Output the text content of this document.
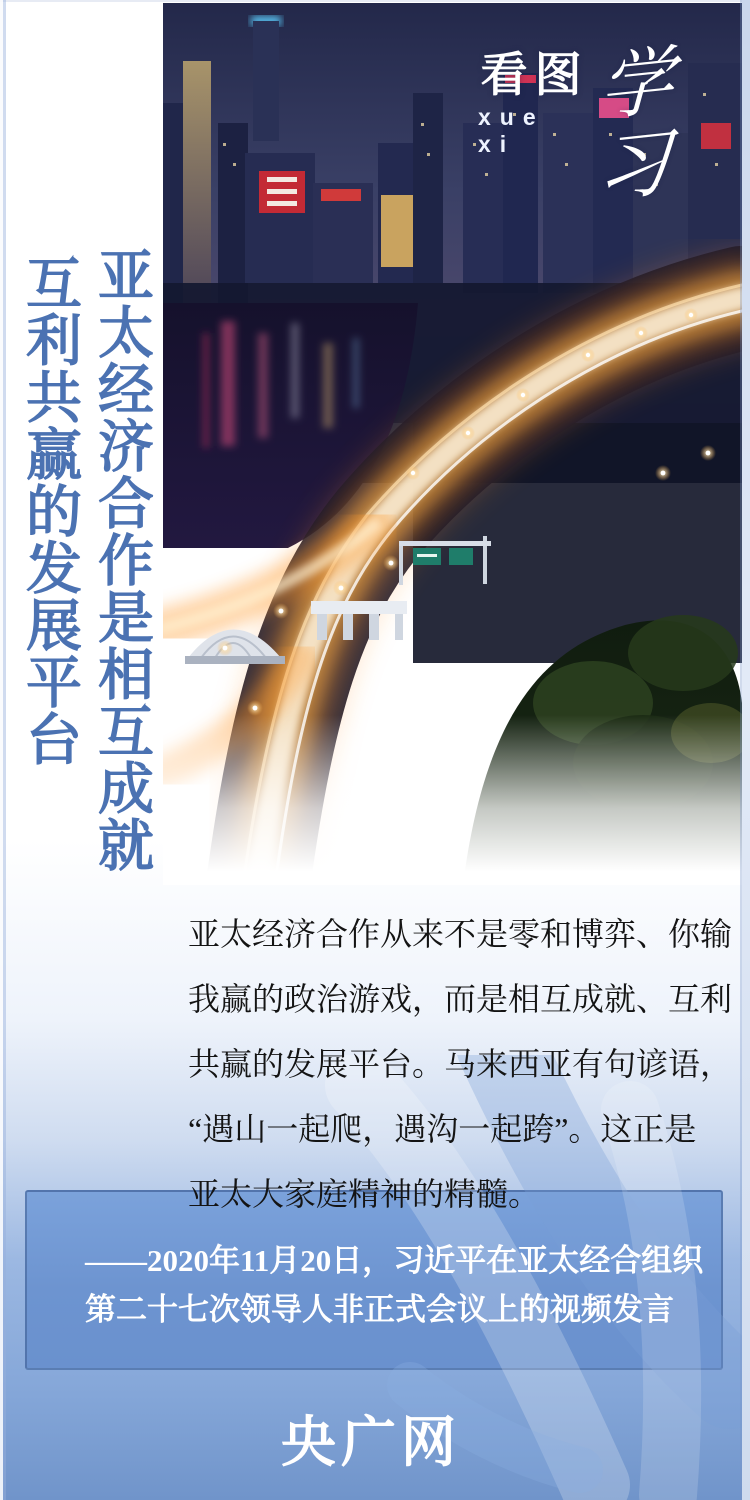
看图
xue xi
学习
亚太经济合作是相互成就
互利共赢的发展平台
亚太经济合作从来不是零和博弈、你输
我赢的政治游戏，而是相互成就、互利
共赢的发展平台。马来西亚有句谚语，
“遇山一起爬，遇沟一起跨”。这正是
亚太大家庭精神的精髓。
——2020年11月20日，习近平在亚太经合组织
第二十七次领导人非正式会议上的视频发言
央广网
